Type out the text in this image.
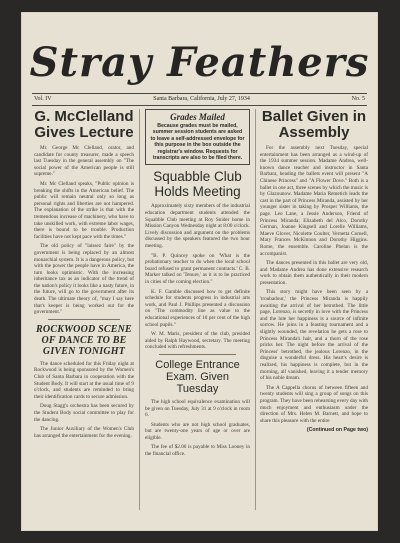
Stray Feathers
Vol. IV	Santa Barbara, California, July 27, 1934	No. 5
G. McClelland Gives Lecture
Mr. George Mc Clelland, orator, and candidate for county treasurer, made a speech last Tuesday in the general assembly on "The social power of the American people is still supreme."
Mr. Mc Clelland speaks, "Public opinion is breaking the shifts in the American belief. The public will remain neutral only so long as personal rights and liberties are not hampered. The explanation of the strike is that with the tremendous increase of machinery, who have to take unskilled work, with extreme labor wages, there is bound to be trouble. Production facilities have not kept pace with the times."
The old policy of "laissez faire" by the government is being replaced by an almost monarchial system. It is a dangerous policy, but with the power the people have in America, the turn looks optimistic. With the increasing inheritance tax as an indicator of the trend of the nation's policy it looks like a nasty future, in the future, will go to the government after its death. The ultimate theory of, "may I say here that's keeper is being worked out for the government."
ROCKWOOD SCENE OF DANCE TO BE GIVEN TONIGHT
The dance scheduled for this Friday night at Rockwood is being sponsored by the Women's Club of Santa Barbara in cooperation with the Student Body. It will start at the usual time of 9 o'clock, and students are reminded to bring their identification cards to secure admission.
Doug Stagg's orchestra has been secured by the Student Body social committee to play for the dancing.
The Junior Auxiliary of the Women's Club has arranged the entertainment for the evening.
Grades Mailed
Because grades must be mailed, summer session students are asked to leave a self-addressed envelope for this purpose in the box outside the registrar's window. Requests for transcripts are also to be filed there.
Squabble Club Holds Meeting
Approximately sixty members of the industrial education department students attended the Squabble Club meeting at Roy Snider home in Mission Canyon Wednesday night at 8:00 o'clock. Lively discussion and argument on the problems discussed by the speakers featured the two hour meeting.
"B. P. Quincey spoke on 'What is the probationary teacher to do when the local school board refused to grant permanent contracts.' C. B. Marker talked on 'Tenure,' as it is to be practiced in cities of the coming election."
K. F. Gamble discussed how to get definite schedule for students progress in industrial arts work, and Paul J. Phillips presented a discussion on "The commodity line as value to the educational experiences of 10 per cent of the high school pupils."
W. M. Maris, president of the club, presided aided by Ralph Haywood, secretary. The meeting concluded with refreshments.
College Entrance Exam. Given Tuesday
The high school equivalence examination will be given on Tuesday, July 31 at 9 o'clock in room 6.
Students who are not high school graduates, but are twenty-one years of age or over are eligible.
The fee of $2.00 is payable to Miss Looney in the financial office.
Ballet Given in Assembly
For the assembly next Tuesday, special entertainment has been arranged as a wind-up of the 1934 summer session. Madame Andrea, well-known dance teacher and instructor in Santa Barbara, heading the ballets event will present "A Chinese Princess" and "A Flower Dove." Both is a ballet in one act, three scenes by which the music is by Glazounow. Madame Maria Remetich leads the cast in the part of Princess Miranda, assisted by her younger sister in taking by Prosper Williams, the page. Leo Lane, a Jessie Anderson, Friend of Princess Miranda; Elizabeth del Alco, Dorothy German, Joanne Kingsell and Lorelle Williams, Maeve Glover, Nicolette Coulter, Vernetta Cornell, Mary Frances McKinnon and Dorothy Higgins. Rome, the ensemble. Caroline Phelan is the accompanist.
The dances presented in this ballet are very old, and Madame Andrea has done extensive research work to obtain them authentically in their modern presentation.
This story might have been seen by a 'troubadour,' the Princess Miranda is happily awaiting the arrival of her betrothed. The little page, Lorenzo, is secretly in love with the Princess and the lute her happiness is a source of infinite sorrow. He joins in a feasting tournament and a slightly wounded, the revelation he gets a rose to Princess Miranda's hair, and a thorn of the rose pricks her. The night before the arrival of the Princess' betrothed, the jealous Lorenzo, in the disguise a wonderful dress. His heart's desire is realized, his happiness is complete, but in the morning, all vanished, leaving it a tender memory of his noble dream.
The A Cappella chorus of between fifteen and twenty students will sing a group of songs on this program. They have been rehearsing every day with much enjoyment and enthusiasm under the direction of Mrs. Helen M. Barnett, and hope to share this pleasure with the entire
(Continued on Page two)
